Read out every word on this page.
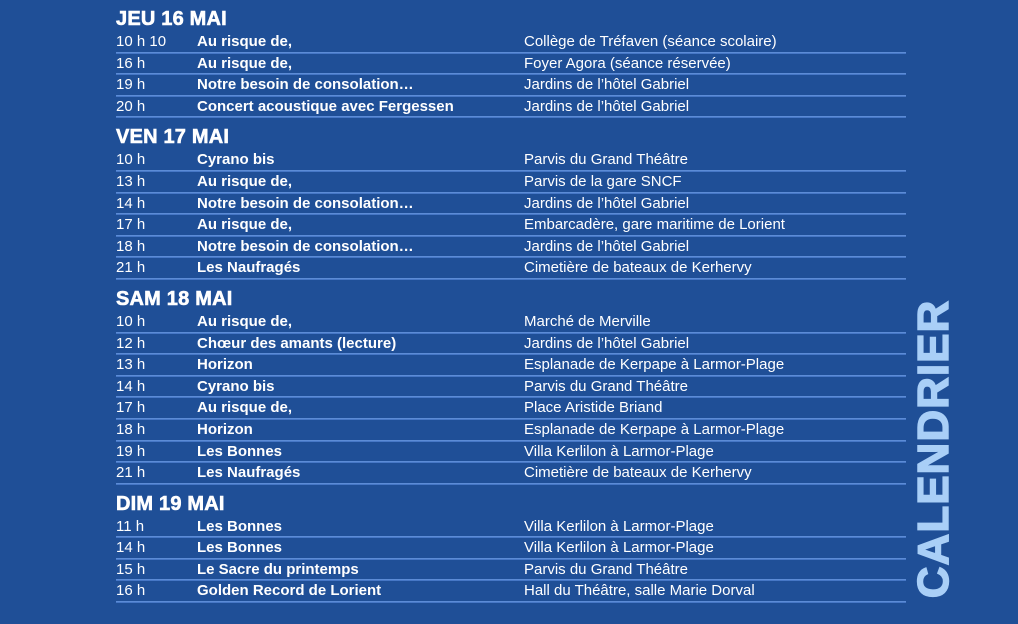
JEU 16 MAI
10 h 10	Au risque de,	Collège de Tréfaven (séance scolaire)
16 h	Au risque de,	Foyer Agora (séance réservée)
19 h	Notre besoin de consolation…	Jardins de l’hôtel Gabriel
20 h	Concert acoustique avec Fergessen	Jardins de l’hôtel Gabriel
VEN 17 MAI
10 h	Cyrano bis	Parvis du Grand Théâtre
13 h	Au risque de,	Parvis de la gare SNCF
14 h	Notre besoin de consolation…	Jardins de l’hôtel Gabriel
17 h	Au risque de,	Embarcadère, gare maritime de Lorient
18 h	Notre besoin de consolation…	Jardins de l’hôtel Gabriel
21 h	Les Naufragés	Cimetière de bateaux de Kerhervy
SAM 18 MAI
10 h	Au risque de,	Marché de Merville
12 h	Chœur des amants (lecture)	Jardins de l’hôtel Gabriel
13 h	Horizon	Esplanade de Kerpape à Larmor-Plage
14 h	Cyrano bis	Parvis du Grand Théâtre
17 h	Au risque de,	Place Aristide Briand
18 h	Horizon	Esplanade de Kerpape à Larmor-Plage
19 h	Les Bonnes	Villa Kerlilon à Larmor-Plage
21 h	Les Naufragés	Cimetière de bateaux de Kerhervy
DIM 19 MAI
11 h	Les Bonnes	Villa Kerlilon à Larmor-Plage
14 h	Les Bonnes	Villa Kerlilon à Larmor-Plage
15 h	Le Sacre du printemps	Parvis du Grand Théâtre
16 h	Golden Record de Lorient	Hall du Théâtre, salle Marie Dorval	CALENDRIER
